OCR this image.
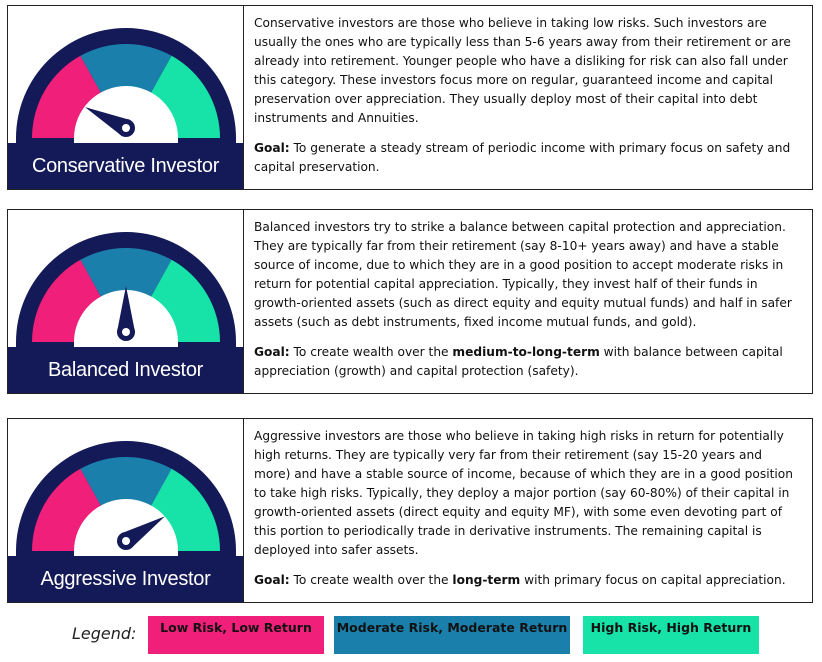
Conservative Investor

Conservative investors are those who believe in taking low risks. Such investors are usually the ones who are typically less than 5-6 years away from their retirement or are already into retirement. Younger people who have a disliking for risk can also fall under this category. These investors focus more on regular, guaranteed income and capital preservation over appreciation. They usually deploy most of their capital into debt instruments and Annuities.

Goal: To generate a steady stream of periodic income with primary focus on safety and capital preservation.

Balanced Investor

Balanced investors try to strike a balance between capital protection and appreciation. They are typically far from their retirement (say 8-10+ years away) and have a stable source of income, due to which they are in a good position to accept moderate risks in return for potential capital appreciation. Typically, they invest half of their funds in growth-oriented assets (such as direct equity and equity mutual funds) and half in safer assets (such as debt instruments, fixed income mutual funds, and gold).

Goal: To create wealth over the medium-to-long-term with balance between capital appreciation (growth) and capital protection (safety).

Aggressive Investor

Aggressive investors are those who believe in taking high risks in return for potentially high returns. They are typically very far from their retirement (say 15-20 years and more) and have a stable source of income, because of which they are in a good position to take high risks. Typically, they deploy a major portion (say 60-80%) of their capital in growth-oriented assets (direct equity and equity MF), with some even devoting part of this portion to periodically trade in derivative instruments. The remaining capital is deployed into safer assets.

Goal: To create wealth over the long-term with primary focus on capital appreciation.

Legend:	Low Risk, Low Return	Moderate Risk, Moderate Return	High Risk, High Return
